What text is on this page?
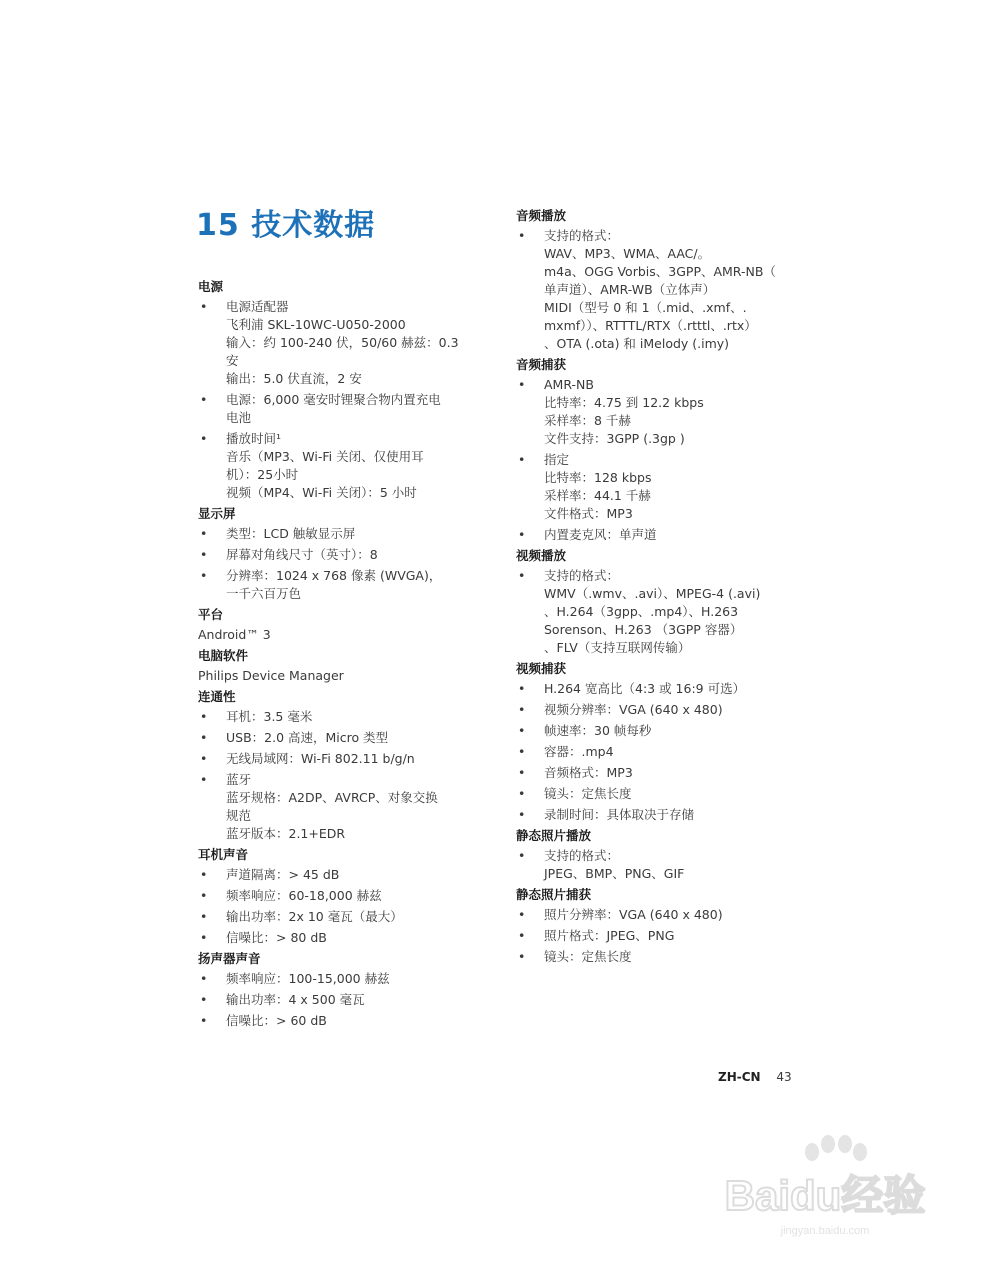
15 技术数据
电源
• 电源适配器
飞利浦 SKL-10WC-U050-2000
输入：约 100-240 伏，50/60 赫兹：0.3
安
输出：5.0 伏直流，2 安
• 电源：6,000 毫安时锂聚合物内置充电
电池
• 播放时间¹
音乐（MP3、Wi-Fi 关闭、仅使用耳
机）：25小时
视频（MP4、Wi-Fi 关闭）：5 小时
显示屏
• 类型：LCD 触敏显示屏
• 屏幕对角线尺寸（英寸）：8
• 分辨率：1024 x 768 像素 (WVGA)，
一千六百万色
平台
Android™ 3
电脑软件
Philips Device Manager
连通性
• 耳机：3.5 毫米
• USB：2.0 高速，Micro 类型
• 无线局域网：Wi-Fi 802.11 b/g/n
• 蓝牙
蓝牙规格：A2DP、AVRCP、对象交换
规范
蓝牙版本：2.1+EDR
耳机声音
• 声道隔离：> 45 dB
• 频率响应：60-18,000 赫兹
• 输出功率：2x 10 毫瓦（最大）
• 信噪比：> 80 dB
扬声器声音
• 频率响应：100-15,000 赫兹
• 输出功率：4 x 500 毫瓦
• 信噪比：> 60 dB
音频播放
• 支持的格式：
WAV、MP3、WMA、AAC/。
m4a、OGG Vorbis、3GPP、AMR-NB（
单声道）、AMR-WB（立体声）
MIDI（型号 0 和 1（.mid、.xmf、.
mxmf））、RTTTL/RTX（.rtttl、.rtx）
、OTA (.ota) 和 iMelody (.imy)
音频捕获
• AMR-NB
比特率：4.75 到 12.2 kbps
采样率：8 千赫
文件支持：3GPP (.3gp )
• 指定
比特率：128 kbps
采样率：44.1 千赫
文件格式：MP3
• 内置麦克风：单声道
视频播放
• 支持的格式：
WMV（.wmv、.avi）、MPEG-4 (.avi)
、H.264（3gpp、.mp4）、H.263
Sorenson、H.263 （3GPP 容器）
、FLV（支持互联网传输）
视频捕获
• H.264 宽高比（4:3 或 16:9 可选）
• 视频分辨率：VGA (640 x 480)
• 帧速率：30 帧每秒
• 容器：.mp4
• 音频格式：MP3
• 镜头：定焦长度
• 录制时间：具体取决于存储
静态照片播放
• 支持的格式：
JPEG、BMP、PNG、GIF
静态照片捕获
• 照片分辨率：VGA (640 x 480)
• 照片格式：JPEG、PNG
• 镜头：定焦长度
ZH-CN 43
Baidu经验
jingyan.baidu.com
